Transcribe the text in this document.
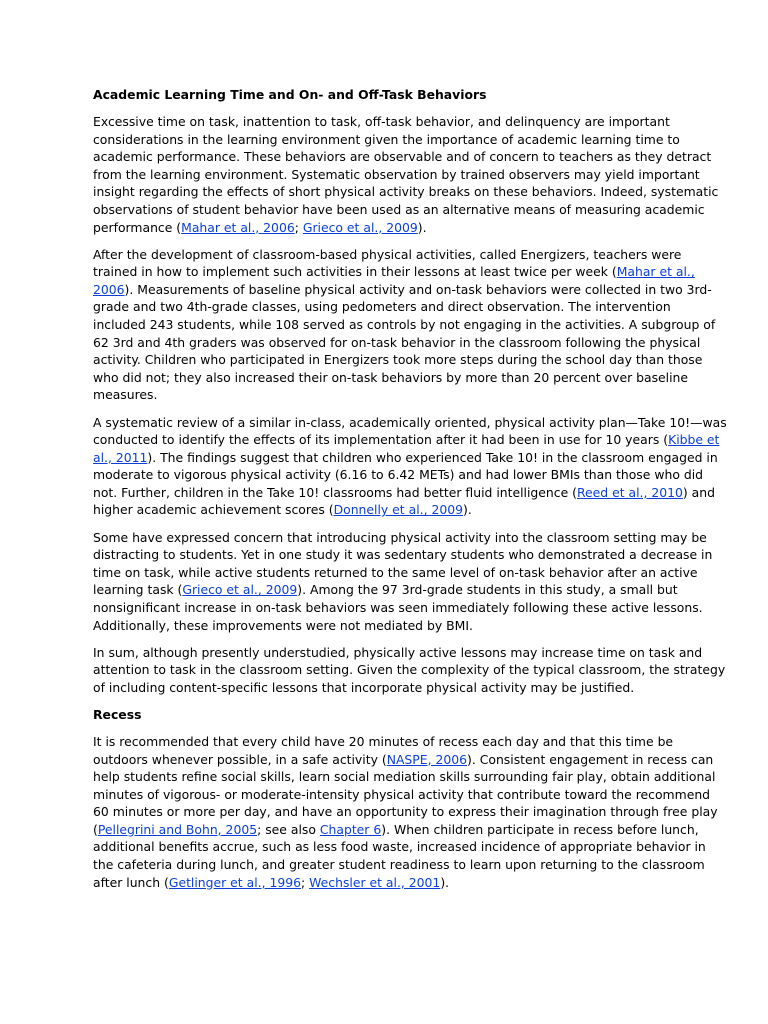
Academic Learning Time and On- and Off-Task Behaviors
Excessive time on task, inattention to task, off-task behavior, and delinquency are important
considerations in the learning environment given the importance of academic learning time to
academic performance. These behaviors are observable and of concern to teachers as they detract
from the learning environment. Systematic observation by trained observers may yield important
insight regarding the effects of short physical activity breaks on these behaviors. Indeed, systematic
observations of student behavior have been used as an alternative means of measuring academic
performance (Mahar et al., 2006; Grieco et al., 2009).
After the development of classroom-based physical activities, called Energizers, teachers were
trained in how to implement such activities in their lessons at least twice per week (Mahar et al.,
2006). Measurements of baseline physical activity and on-task behaviors were collected in two 3rd-
grade and two 4th-grade classes, using pedometers and direct observation. The intervention
included 243 students, while 108 served as controls by not engaging in the activities. A subgroup of
62 3rd and 4th graders was observed for on-task behavior in the classroom following the physical
activity. Children who participated in Energizers took more steps during the school day than those
who did not; they also increased their on-task behaviors by more than 20 percent over baseline
measures.
A systematic review of a similar in-class, academically oriented, physical activity plan—Take 10!—was
conducted to identify the effects of its implementation after it had been in use for 10 years (Kibbe et
al., 2011). The findings suggest that children who experienced Take 10! in the classroom engaged in
moderate to vigorous physical activity (6.16 to 6.42 METs) and had lower BMIs than those who did
not. Further, children in the Take 10! classrooms had better fluid intelligence (Reed et al., 2010) and
higher academic achievement scores (Donnelly et al., 2009).
Some have expressed concern that introducing physical activity into the classroom setting may be
distracting to students. Yet in one study it was sedentary students who demonstrated a decrease in
time on task, while active students returned to the same level of on-task behavior after an active
learning task (Grieco et al., 2009). Among the 97 3rd-grade students in this study, a small but
nonsignificant increase in on-task behaviors was seen immediately following these active lessons.
Additionally, these improvements were not mediated by BMI.
In sum, although presently understudied, physically active lessons may increase time on task and
attention to task in the classroom setting. Given the complexity of the typical classroom, the strategy
of including content-specific lessons that incorporate physical activity may be justified.
Recess
It is recommended that every child have 20 minutes of recess each day and that this time be
outdoors whenever possible, in a safe activity (NASPE, 2006). Consistent engagement in recess can
help students refine social skills, learn social mediation skills surrounding fair play, obtain additional
minutes of vigorous- or moderate-intensity physical activity that contribute toward the recommend
60 minutes or more per day, and have an opportunity to express their imagination through free play
(Pellegrini and Bohn, 2005; see also Chapter 6). When children participate in recess before lunch,
additional benefits accrue, such as less food waste, increased incidence of appropriate behavior in
the cafeteria during lunch, and greater student readiness to learn upon returning to the classroom
after lunch (Getlinger et al., 1996; Wechsler et al., 2001).
